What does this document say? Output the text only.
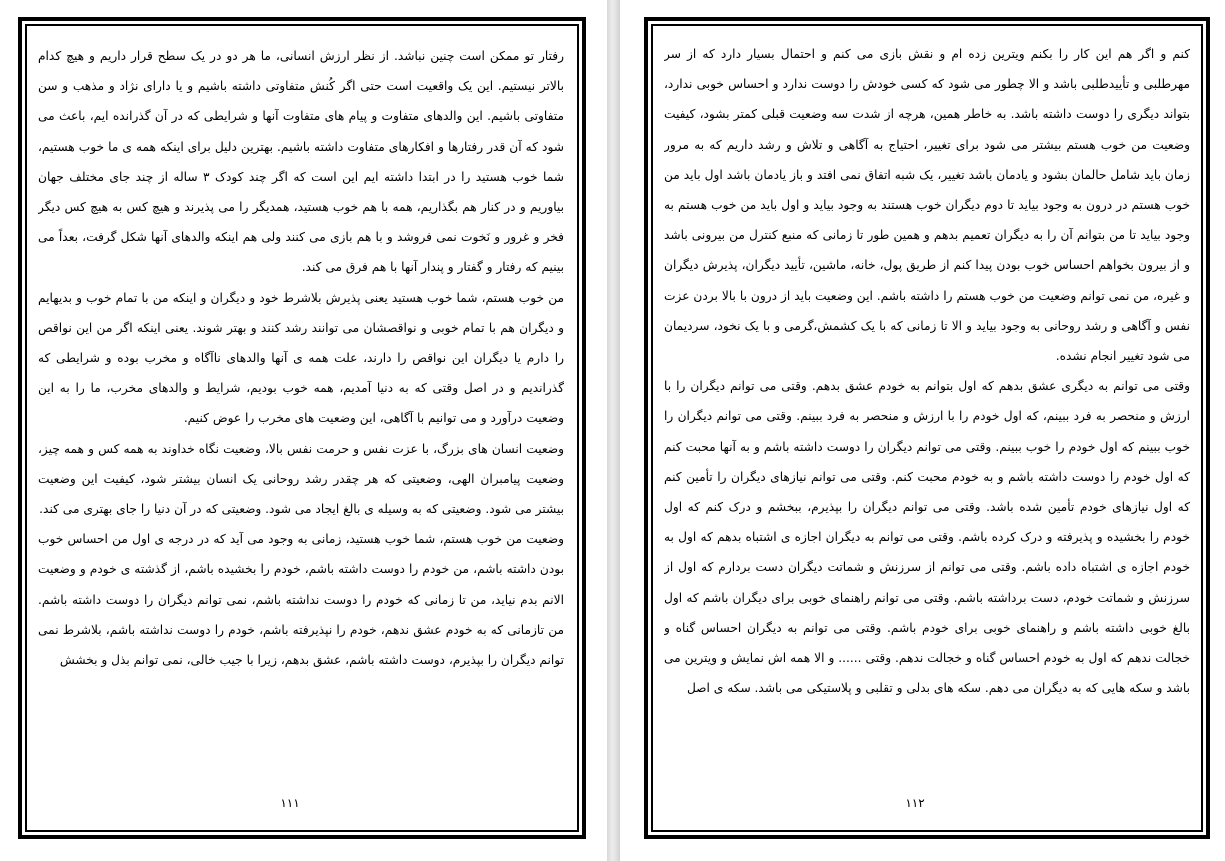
رفتار تو ممکن است چنین نباشد. از نظر ارزش انسانی، ما هر دو در یک سطح قرار داریم و هیچ کدام بالاتر نیستیم. این یک واقعیت است حتی اگر کُنش متفاوتی داشته باشیم و یا دارای نژاد و مذهب و سن متفاوتی باشیم. این والدهای متفاوت و پیام های متفاوت آنها و شرایطی که در آن گذرانده ایم، باعث می شود که آن قدر رفتارها و افکارهای متفاوت داشته باشیم. بهترین دلیل برای اینکه همه ی ما خوب هستیم، شما خوب هستید را در ابتدا داشته ایم این است که اگر چند کودک ۳ ساله از چند جای مختلف جهان بیاوریم و در کنار هم بگذاریم، همه با هم خوب هستید، همدیگر را می پذیرند و هیچ کس به هیچ کس دیگر فخر و غرور و نَخوت نمی فروشد و با هم بازی می کنند ولی هم اینکه والدهای آنها شکل گرفت، بعداً می بینیم که رفتار و گفتار و پندار آنها با هم فرق می کند.

من خوب هستم، شما خوب هستید یعنی پذیرش بلاشرط خود و دیگران و اینکه من با تمام خوب و بدیهایم و دیگران هم با تمام خوبی و نواقصشان می توانند رشد کنند و بهتر شوند. یعنی اینکه اگر من این نواقص را دارم یا دیگران این نواقص را دارند، علت همه ی آنها والدهای ناآگاه و مخرب بوده و شرایطی که گذراندیم و در اصل وقتی که به دنیا آمدیم، همه خوب بودیم، شرایط و والدهای مخرب، ما را به این وضعیت درآورد و می توانیم با آگاهی، این وضعیت های مخرب را عوض کنیم.

وضعیت انسان های بزرگ، با عزت نفس و حرمت نفس بالا، وضعیت نگاه خداوند به همه کس و همه چیز، وضعیت پیامبران الهی، وضعیتی که هر چقدر رشد روحانی یک انسان بیشتر شود، کیفیت این وضعیت بیشتر می شود. وضعیتی که به وسیله ی بالغ ایجاد می شود. وضعیتی که در آن دنیا را جای بهتری می کند.

وضعیت من خوب هستم، شما خوب هستید، زمانی به وجود می آید که در درجه ی اول من احساس خوب بودن داشته باشم، من خودم را دوست داشته باشم، خودم را بخشیده باشم، از گذشته ی خودم و وضعیت الانم بدم نیاید، من تا زمانی که خودم را دوست نداشته باشم، نمی توانم دیگران را دوست داشته باشم. من تازمانی که به خودم عشق ندهم، خودم را نپذیرفته باشم، خودم را دوست نداشته باشم، بلاشرط نمی توانم دیگران را بپذیرم، دوست داشته باشم، عشق بدهم، زیرا با جیب خالی، نمی توانم بذل و بخشش

۱۱۱

کنم و اگر هم این کار را بکنم ویترین زده ام و نقش بازی می کنم و احتمال بسیار دارد که از سر مهرطلبی و تأییدطلبی باشد و الا چطور می شود که کسی خودش را دوست ندارد و احساس خوبی ندارد، بتواند دیگری را دوست داشته باشد. به خاطر همین، هرچه از شدت سه وضعیت قبلی کمتر بشود، کیفیت وضعیت من خوب هستم بیشتر می شود برای تغییر، احتیاج به آگاهی و تلاش و رشد داریم که به مرور زمان باید شامل حالمان بشود و یادمان باشد تغییر، یک شبه اتفاق نمی افتد و باز یادمان باشد اول باید من خوب هستم در درون به وجود بیاید تا دوم دیگران خوب هستند به وجود بیاید و اول باید من خوب هستم به وجود بیاید تا من بتوانم آن را به دیگران تعمیم بدهم و همین طور تا زمانی که منبع کنترل من بیرونی باشد و از بیرون بخواهم احساس خوب بودن پیدا کنم از طریق پول، خانه، ماشین، تأیید دیگران، پذیرش دیگران و غیره، من نمی توانم وضعیت من خوب هستم را داشته باشم. این وضعیت باید از درون با بالا بردن عزت نفس و آگاهی و رشد روحانی به وجود بیاید و الا تا زمانی که با یک کشمش،گرمی و با یک نخود، سردیمان می شود تغییر انجام نشده.

وقتی می توانم به دیگری عشق بدهم که اول بتوانم به خودم عشق بدهم. وقتی می توانم دیگران را با ارزش و منحصر به فرد ببینم، که اول خودم را با ارزش و منحصر به فرد ببینم. وقتی می توانم دیگران را خوب ببینم که اول خودم را خوب ببینم. وقتی می توانم دیگران را دوست داشته باشم و به آنها محبت کنم که اول خودم را دوست داشته باشم و به خودم محبت کنم. وقتی می توانم نیازهای دیگران را تأمین کنم که اول نیازهای خودم تأمین شده باشد. وقتی می توانم دیگران را بپذیرم، ببخشم و درک کنم که اول خودم را بخشیده و پذیرفته و درک کرده باشم. وقتی می توانم به دیگران اجازه ی اشتباه بدهم که اول به خودم اجازه ی اشتباه داده باشم. وقتی می توانم از سرزنش و شماتت دیگران دست بردارم که اول از سرزنش و شماتت خودم، دست برداشته باشم. وقتی می توانم راهنمای خوبی برای دیگران باشم که اول بالغ خوبی داشته باشم و راهنمای خوبی برای خودم باشم. وقتی می توانم به دیگران احساس گناه و خجالت ندهم که اول به خودم احساس گناه و خجالت ندهم. وقتی ...... و الا همه اش نمایش و ویترین می باشد و سکه هایی که به دیگران می دهم. سکه های بدلی و تقلبی و پلاستیکی می باشد. سکه ی اصل

۱۱۲
